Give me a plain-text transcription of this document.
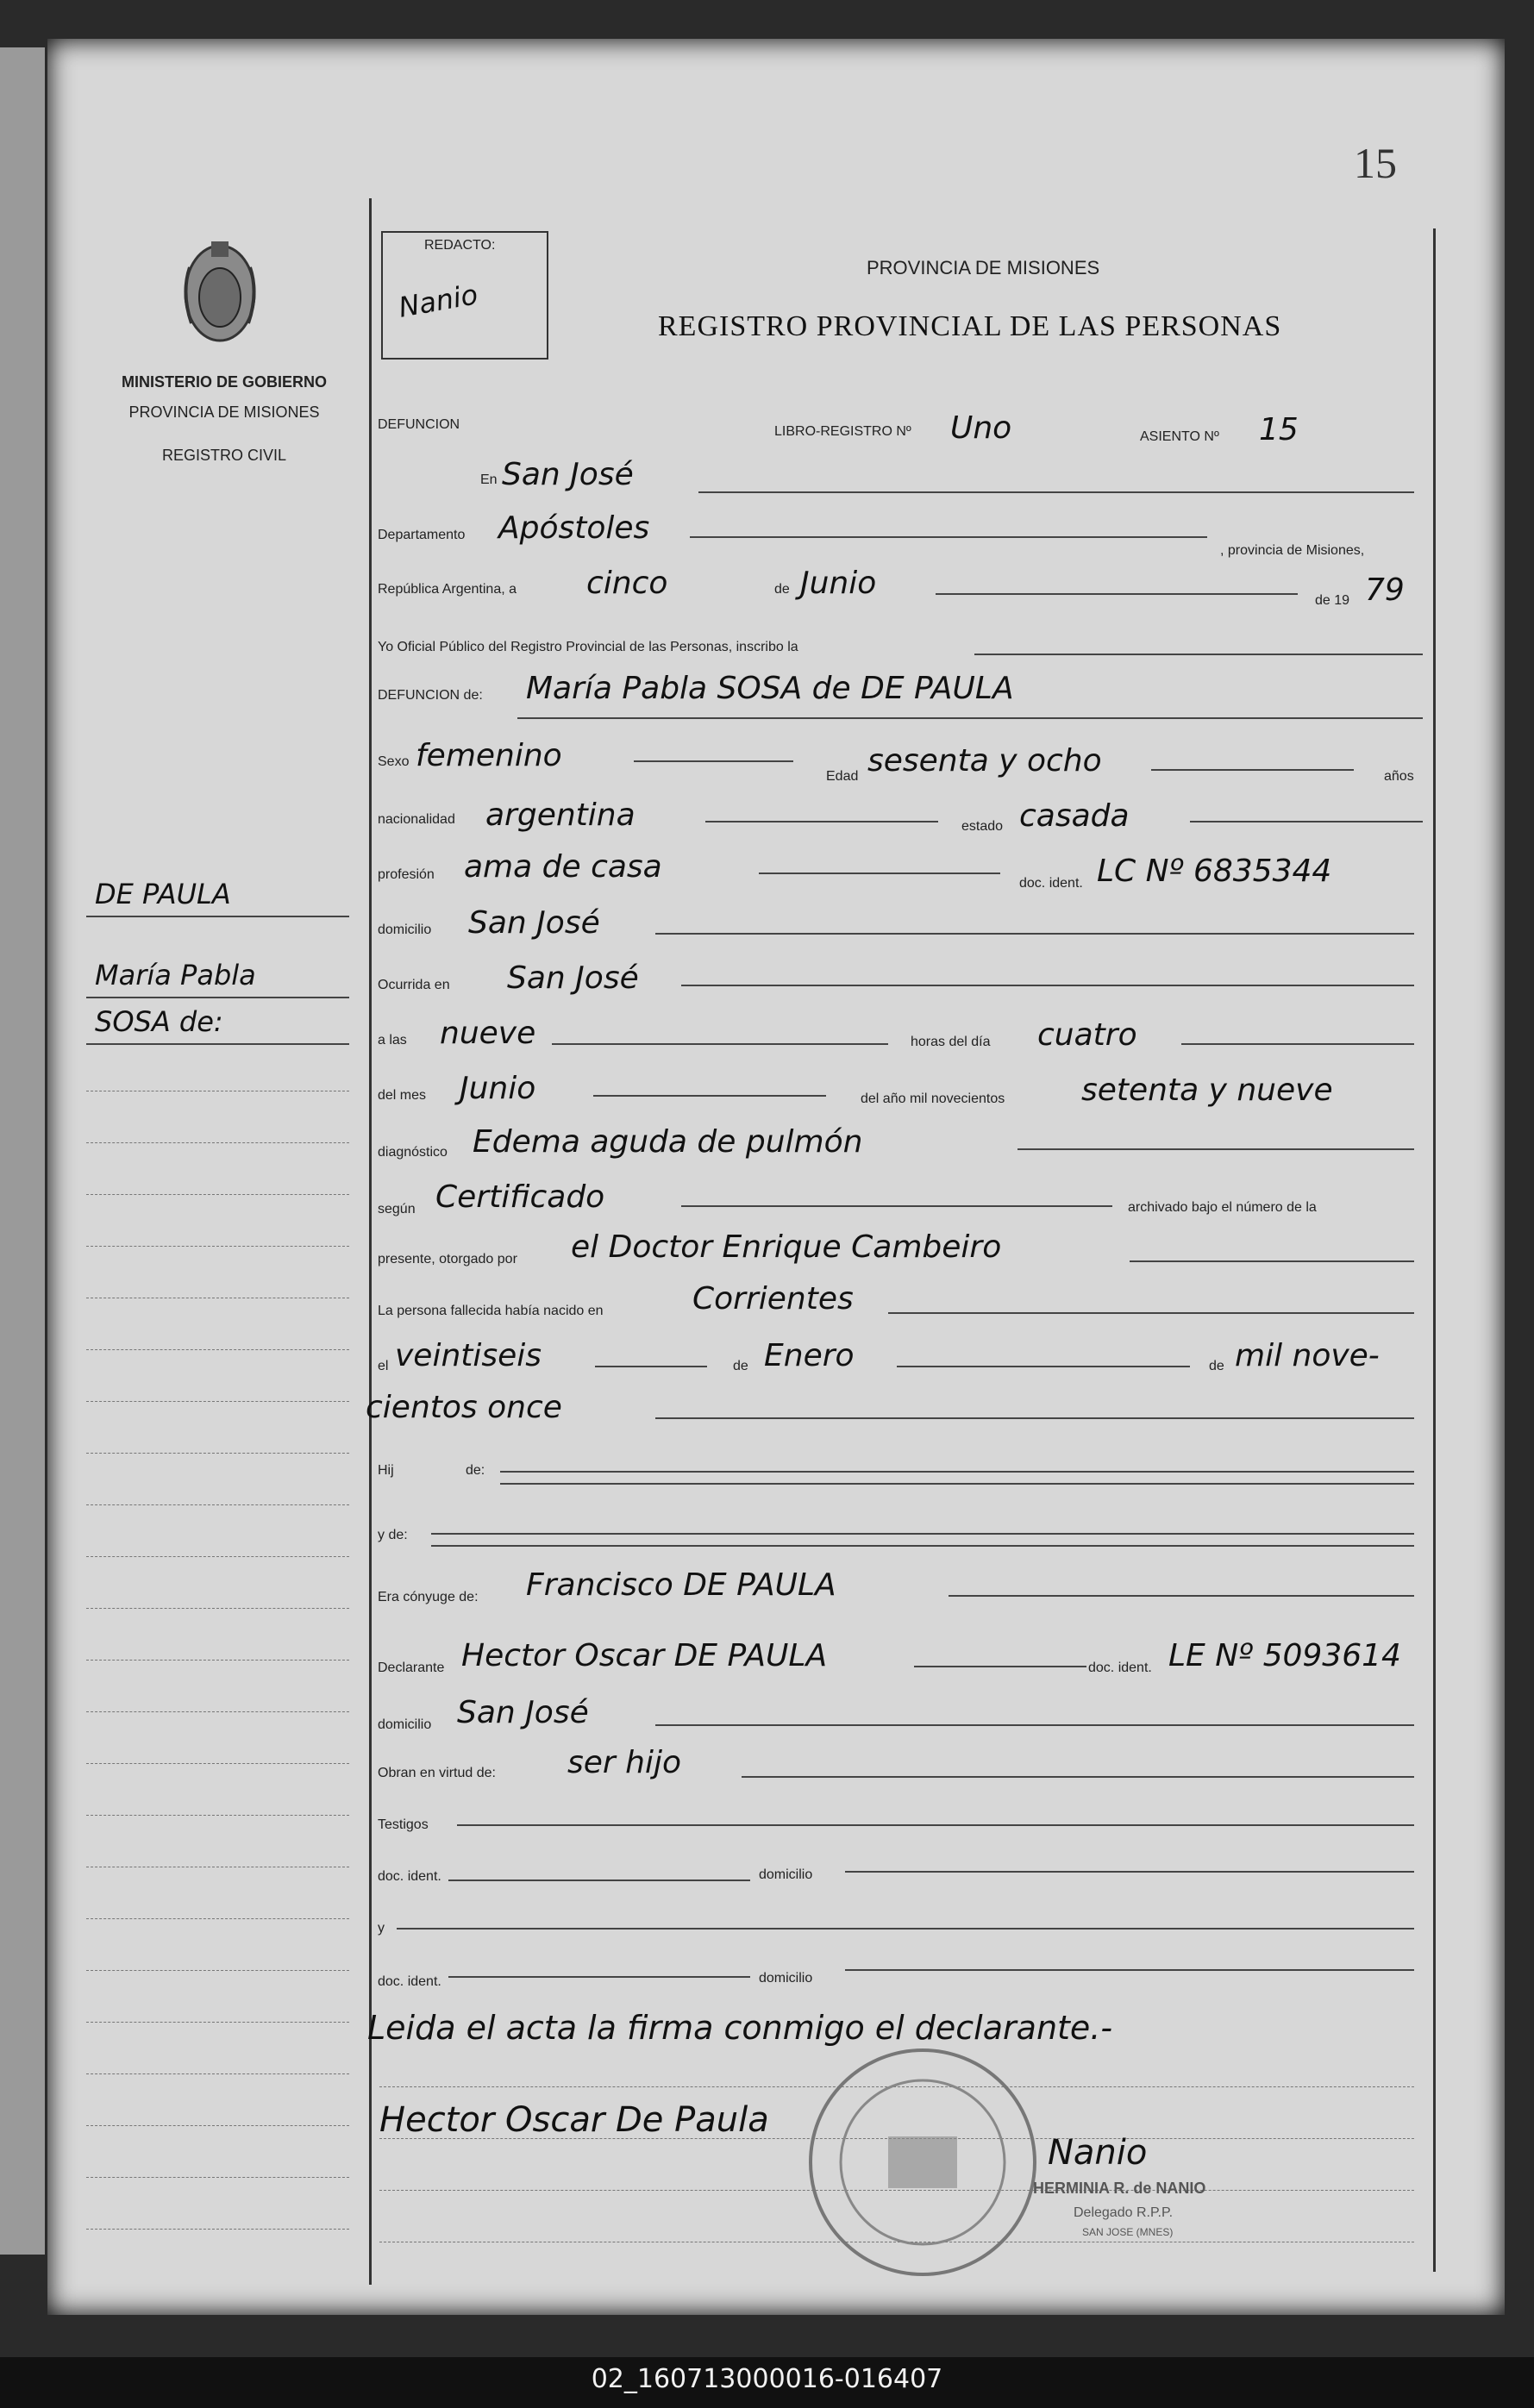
15
MINISTERIO DE GOBIERNO
PROVINCIA DE MISIONES
REGISTRO CIVIL
REDACTO:
Nanio
PROVINCIA DE MISIONES
REGISTRO PROVINCIAL DE LAS PERSONAS
DE PAULA
María Pabla
SOSA de:
DEFUNCION	LIBRO-REGISTRO Nº Uno	ASIENTO Nº 15
En San José
Departamento Apóstoles
, provincia de Misiones,
República Argentina, a cinco	de Junio	de 19 79
Yo Oficial Público del Registro Provincial de las Personas, inscribo la
DEFUNCION de: María Pabla SOSA de DE PAULA
Sexo femenino
Edad sesenta y ocho	años
nacionalidad argentina	estado casada
profesión ama de casa	doc. ident. LC Nº 6835344
domicilio San José
Ocurrida en San José
a las nueve	horas del día cuatro
del mes Junio	del año mil novecientos setenta y nueve
diagnóstico Edema aguda de pulmón
según Certificado	archivado bajo el número de la
presente, otorgado por el Doctor Enrique Cambeiro
La persona fallecida había nacido en	Corrientes
el veintiseis	de Enero	de mil nove-
cientos once
Hij	de:
y de:
Era cónyuge de: Francisco DE PAULA
Declarante Hector Oscar DE PAULA	doc. ident. LE Nº 5093614
domicilio San José
Obran en virtud de: ser hijo
Testigos
doc. ident.	domicilio
y
doc. ident.	domicilio
Leida el acta la firma conmigo el declarante.-
Hector Oscar De Paula
Nanio
HERMINIA R. de NANIO
Delegado R.P.P.
SAN JOSE (MNES)
02_160713000016-016407
